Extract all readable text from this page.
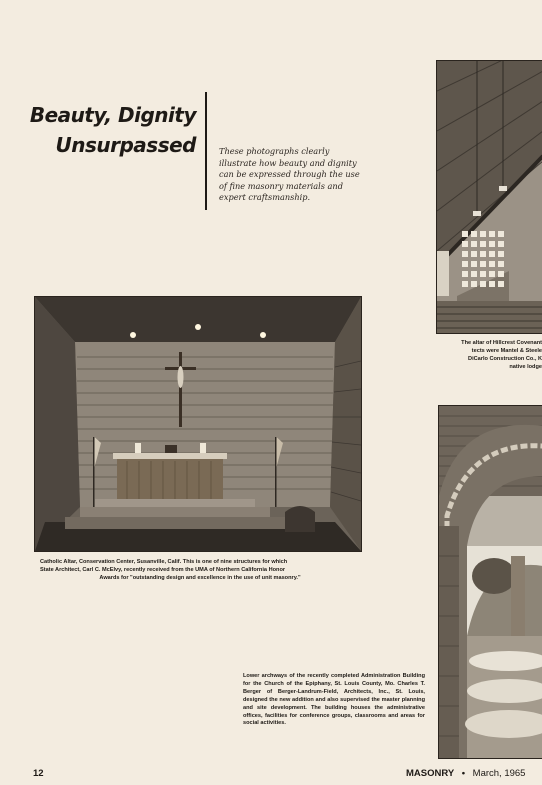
Beauty, Dignity
Unsurpassed	These photographs clearly illustrate how beauty and dignity can be expressed through the use of fine masonry materials and expert craftsmanship.
The altar of Hillcrest Covenant
tects were Mantel & Steele
DiCarlo Construction Co., K
native lodge
Catholic Altar, Conservation Center, Susanville, Calif. This is one of nine structures for which
State Architect, Carl C. McElvy, recently received from the UMA of Northern California Honor
Awards for "outstanding design and excellence in the use of unit masonry."
Lower archways of the recently completed Administration Building for the Church of the Epiphany, St. Louis County, Mo. Charles T. Berger of Berger-Landrum-Field, Architects, Inc., St. Louis, designed the new addition and also supervised the master planning and site development. The building houses the administrative offices, facilities for conference groups, classrooms and areas for social activities.
12	MASONRY • March, 1965
